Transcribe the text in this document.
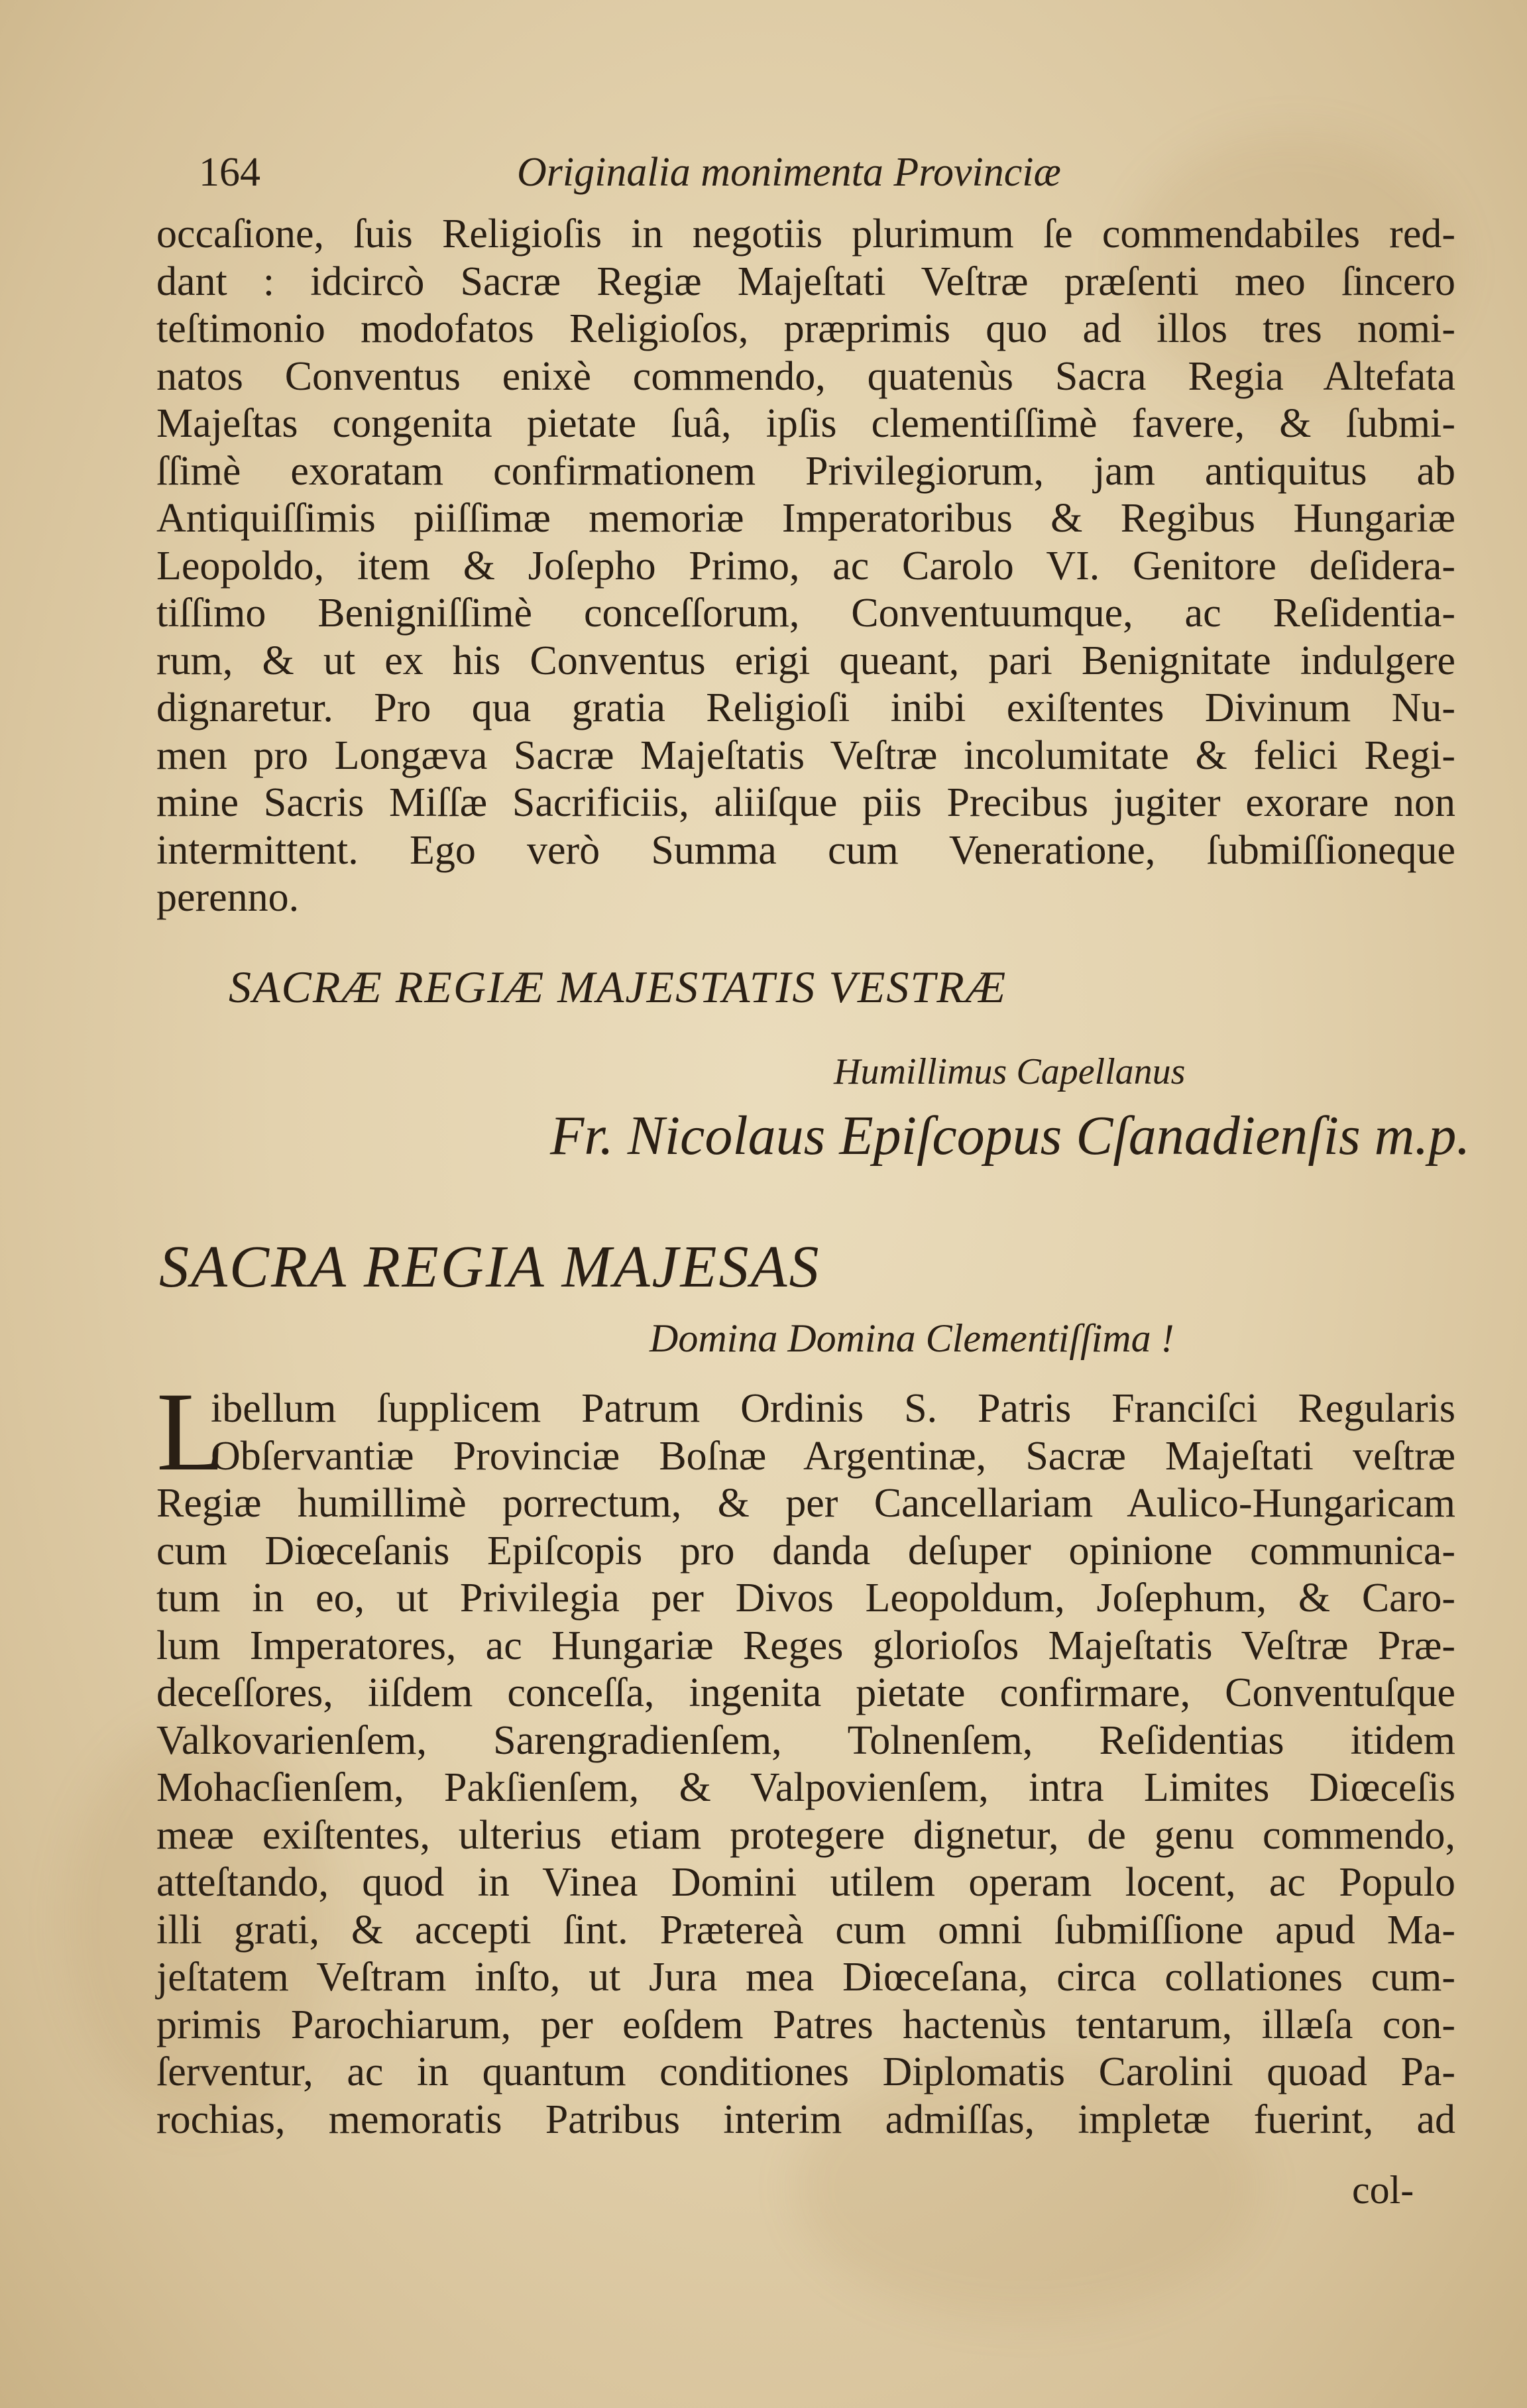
164	Originalia monimenta Provinciæ
occaſione, ſuis Religioſis in negotiis plurimum ſe commendabiles red-
dant : idcircò Sacræ Regiæ Majeſtati Veſtræ præſenti meo ſincero
teſtimonio modofatos Religioſos, præprimis quo ad illos tres nomi-
natos Conventus enixè commendo, quatenùs Sacra Regia Altefata
Majeſtas congenita pietate ſuâ, ipſis clementiſſimè favere, & ſubmi-
ſſimè exoratam confirmationem Privilegiorum, jam antiquitus ab
Antiquiſſimis piiſſimæ memoriæ Imperatoribus & Regibus Hungariæ
Leopoldo, item & Joſepho Primo, ac Carolo VI. Genitore deſidera-
tiſſimo Benigniſſimè conceſſorum, Conventuumque, ac Reſidentia-
rum, & ut ex his Conventus erigi queant, pari Benignitate indulgere
dignaretur. Pro qua gratia Religioſi inibi exiſtentes Divinum Nu-
men pro Longæva Sacræ Majeſtatis Veſtræ incolumitate & felici Regi-
mine Sacris Miſſæ Sacrificiis, aliiſque piis Precibus jugiter exorare non
intermittent. Ego verò Summa cum Veneratione, ſubmiſſioneque
perenno.
SACRÆ REGIÆ MAJESTATIS VESTRÆ
Humillimus Capellanus
Fr. Nicolaus Epiſcopus Cſanadienſis m.p.
SACRA REGIA MAJESAS
Domina Domina Clementiſſima !
L
ibellum ſupplicem Patrum Ordinis S. Patris Franciſci Regularis
Obſervantiæ Provinciæ Boſnæ Argentinæ, Sacræ Majeſtati veſtræ
Regiæ humillimè porrectum, & per Cancellariam Aulico-Hungaricam
cum Diœceſanis Epiſcopis pro danda deſuper opinione communica-
tum in eo, ut Privilegia per Divos Leopoldum, Joſephum, & Caro-
lum Imperatores, ac Hungariæ Reges glorioſos Majeſtatis Veſtræ Præ-
deceſſores, iiſdem conceſſa, ingenita pietate confirmare, Conventuſque
Valkovarienſem, Sarengradienſem, Tolnenſem, Reſidentias itidem
Mohacſienſem, Pakſienſem, & Valpovienſem, intra Limites Diœceſis
meæ exiſtentes, ulterius etiam protegere dignetur, de genu commendo,
atteſtando, quod in Vinea Domini utilem operam locent, ac Populo
illi grati, & accepti ſint. Prætereà cum omni ſubmiſſione apud Ma-
jeſtatem Veſtram inſto, ut Jura mea Diœceſana, circa collationes cum-
primis Parochiarum, per eoſdem Patres hactenùs tentarum, illæſa con-
ſerventur, ac in quantum conditiones Diplomatis Carolini quoad Pa-
rochias, memoratis Patribus interim admiſſas, impletæ fuerint, ad
col-
